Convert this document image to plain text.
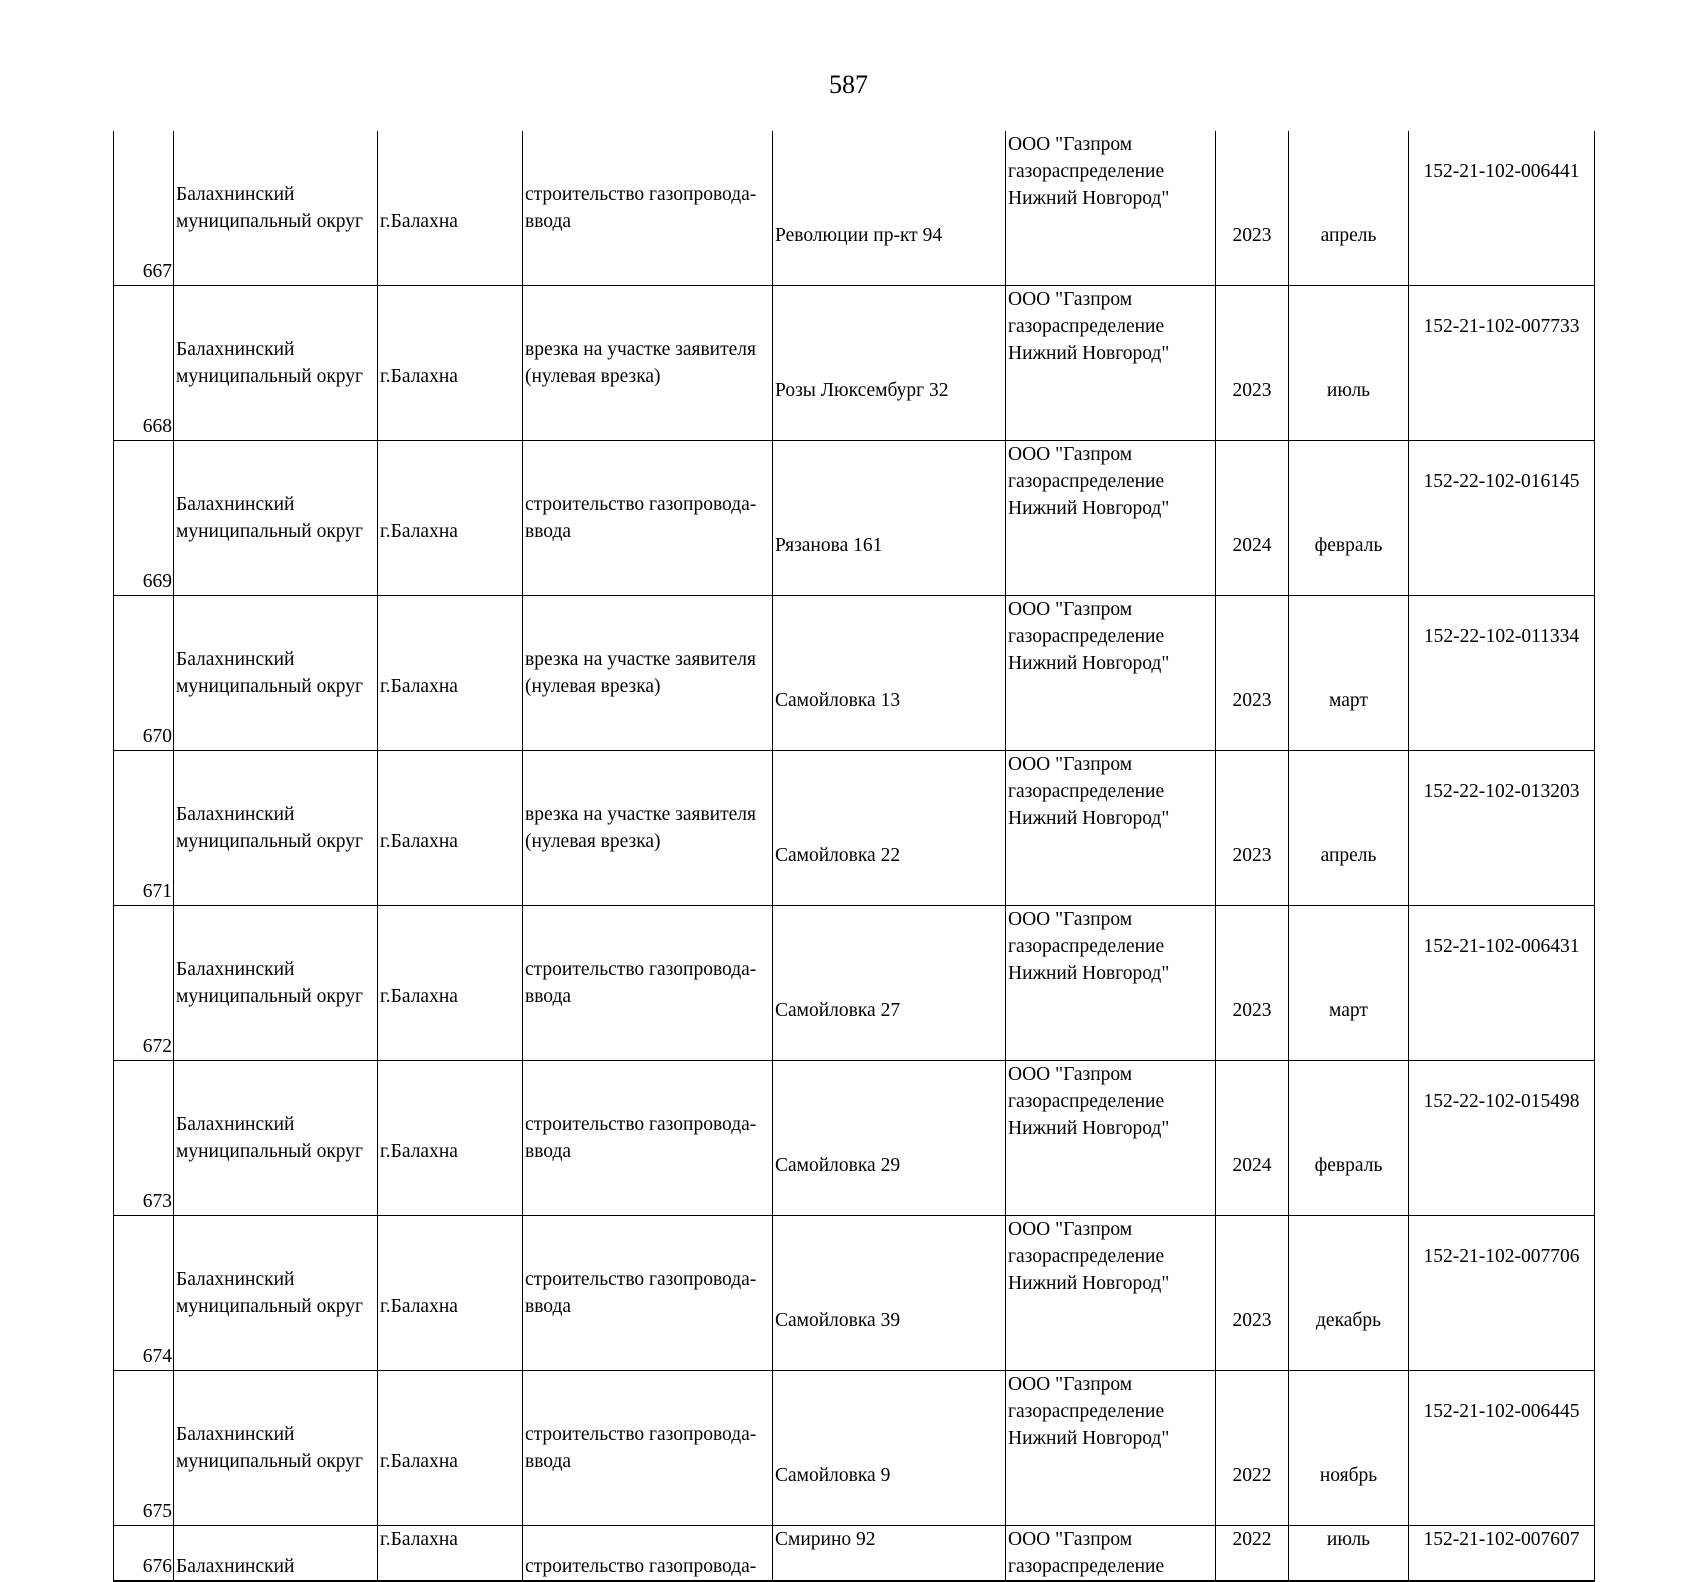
587
667	Балахнинский
муниципальный округ	г.Балахна	строительство газопровода-
ввода	Революции пр-кт 94	ООО "Газпром
газораспределение
Нижний Новгород"	2023	апрель	152-21-102-006441
668	Балахнинский
муниципальный округ	г.Балахна	врезка на участке заявителя
(нулевая врезка)	Розы Люксембург 32	ООО "Газпром
газораспределение
Нижний Новгород"	2023	июль	152-21-102-007733
669	Балахнинский
муниципальный округ	г.Балахна	строительство газопровода-
ввода	Рязанова 161	ООО "Газпром
газораспределение
Нижний Новгород"	2024	февраль	152-22-102-016145
670	Балахнинский
муниципальный округ	г.Балахна	врезка на участке заявителя
(нулевая врезка)	Самойловка 13	ООО "Газпром
газораспределение
Нижний Новгород"	2023	март	152-22-102-011334
671	Балахнинский
муниципальный округ	г.Балахна	врезка на участке заявителя
(нулевая врезка)	Самойловка 22	ООО "Газпром
газораспределение
Нижний Новгород"	2023	апрель	152-22-102-013203
672	Балахнинский
муниципальный округ	г.Балахна	строительство газопровода-
ввода	Самойловка 27	ООО "Газпром
газораспределение
Нижний Новгород"	2023	март	152-21-102-006431
673	Балахнинский
муниципальный округ	г.Балахна	строительство газопровода-
ввода	Самойловка 29	ООО "Газпром
газораспределение
Нижний Новгород"	2024	февраль	152-22-102-015498
674	Балахнинский
муниципальный округ	г.Балахна	строительство газопровода-
ввода	Самойловка 39	ООО "Газпром
газораспределение
Нижний Новгород"	2023	декабрь	152-21-102-007706
675	Балахнинский
муниципальный округ	г.Балахна	строительство газопровода-
ввода	Самойловка 9	ООО "Газпром
газораспределение
Нижний Новгород"	2022	ноябрь	152-21-102-006445
676	Балахнинский	г.Балахна	строительство газопровода-	Смирино 92	ООО "Газпром
газораспределение	2022	июль	152-21-102-007607
